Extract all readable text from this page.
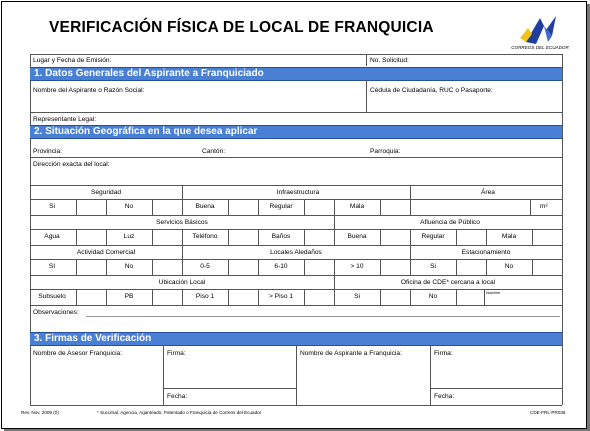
VERIFICACIÓN FÍSICA DE LOCAL DE FRANQUICIA
CORREOS DEL ECUADOR
Lugar y Fecha de Emisión:	No. Solicitud:
1. Datos Generales del Aspirante a Franquiciado
Nombre del Aspirante o Razón Social:	Cédula de Ciudadanía, RUC o Pasaporte:
Representante Legal:
2. Situación Geográfica en la que desea aplicar
Provincia:	Cantón:	Parroquia:
Dirección exacta del local:
Seguridad	Infraestructura	Área
Si	No	Buena	Regular	Mala	m²
Servicios Básicos	Afluencia de Público
Agua	Luz	Teléfono	Baños	Buena	Regular	Mala
Actividad Comercial	Locales Aledaños	Estacionamiento
SI	No	0-5	6-10	> 10	Si	No
Ubicación Local	Oficina de CDE* cercana a local
Subsuelo	PB	Piso 1	> Piso 1	Si	No
Nombre
Observaciones:
3. Firmas de Verificación
Nombre de Asesor Franquicia:	Firma:
Fecha:
Nombre de Aspirante a Franquicia:	Firma:
Fecha:
Rev. Nov. 2009 (0)	* Sucursal, Agencia, Aganteado, Patentado o Franquicia de Correos del Ecuador	CDE-FRL-PR036
